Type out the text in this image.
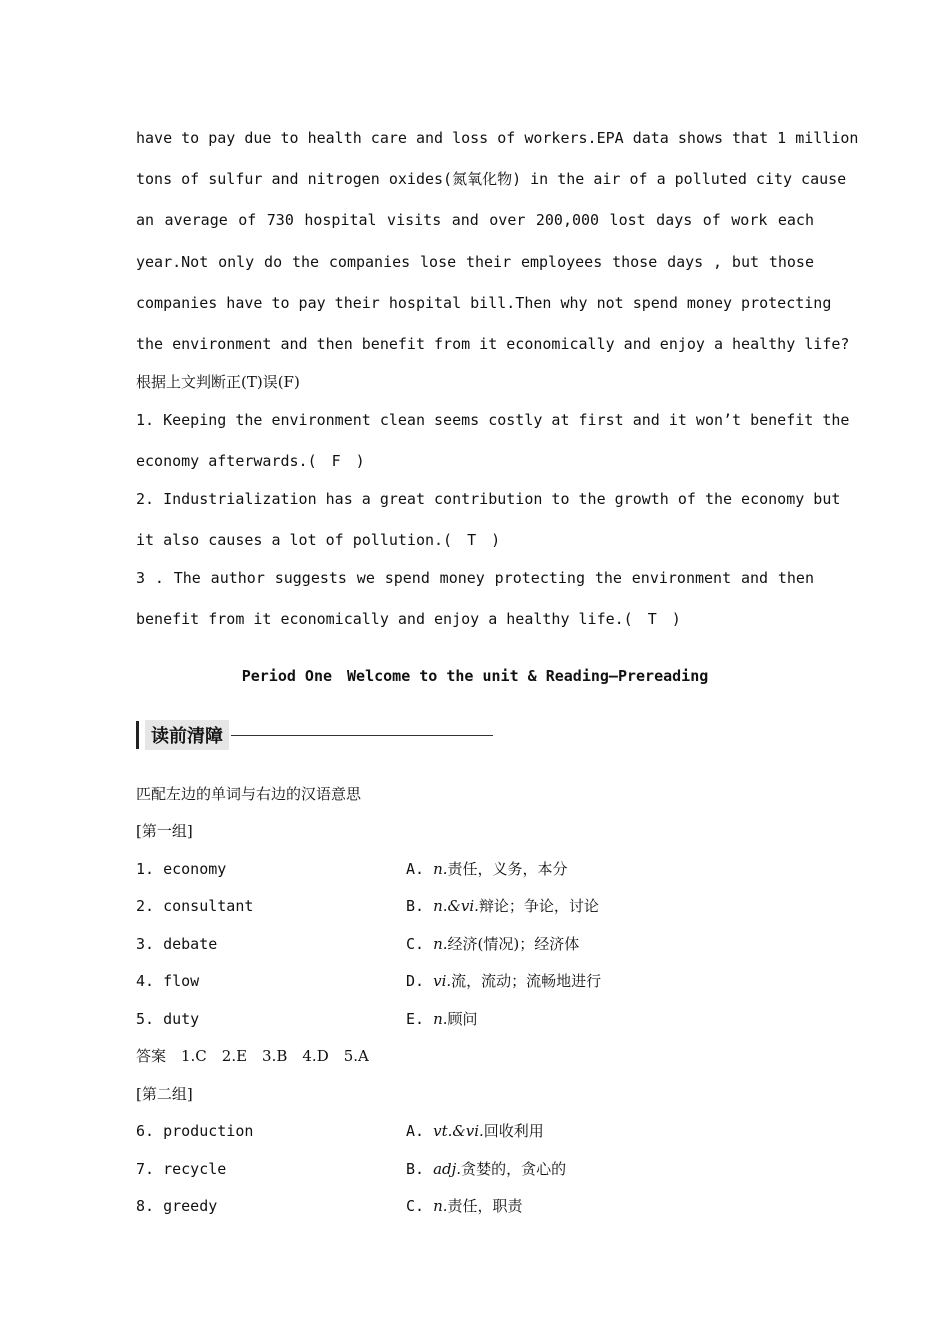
have to pay due to health care and loss of workers.EPA data shows that 1 million
tons of sulfur and nitrogen oxides(氮氧化物) in the air of a polluted city cause
an average of 730 hospital visits and over 200,000 lost days of work each
year.Not only do the companies lose their employees those days , but those
companies have to pay their hospital bill.Then why not spend money protecting
the environment and then benefit from it economically and enjoy a healthy life?
根据上文判断正(T)误(F)
1. Keeping the environment clean seems costly at first and it won’t benefit the
economy afterwards.(　F　)
2. Industrialization has a great contribution to the growth of the economy but
it also causes a lot of pollution.(　T　)
3 . The author suggests we spend money protecting the environment and then
benefit from it economically and enjoy a healthy life.(　T　)
Period One　Welcome to the unit & Reading—Prereading
读前清障
匹配左边的单词与右边的汉语意思
[第一组]
1. economy	A. n.责任，义务，本分
2. consultant	B. n.&vi.辩论；争论，讨论
3. debate	C. n.经济(情况)；经济体
4. flow	D. vi.流，流动；流畅地进行
5. duty	E. n.顾问
答案　1.C　2.E　3.B　4.D　5.A
[第二组]
6. production	A. vt.&vi.回收利用
7. recycle	B. adj.贪婪的，贪心的
8. greedy	C. n.责任，职责
